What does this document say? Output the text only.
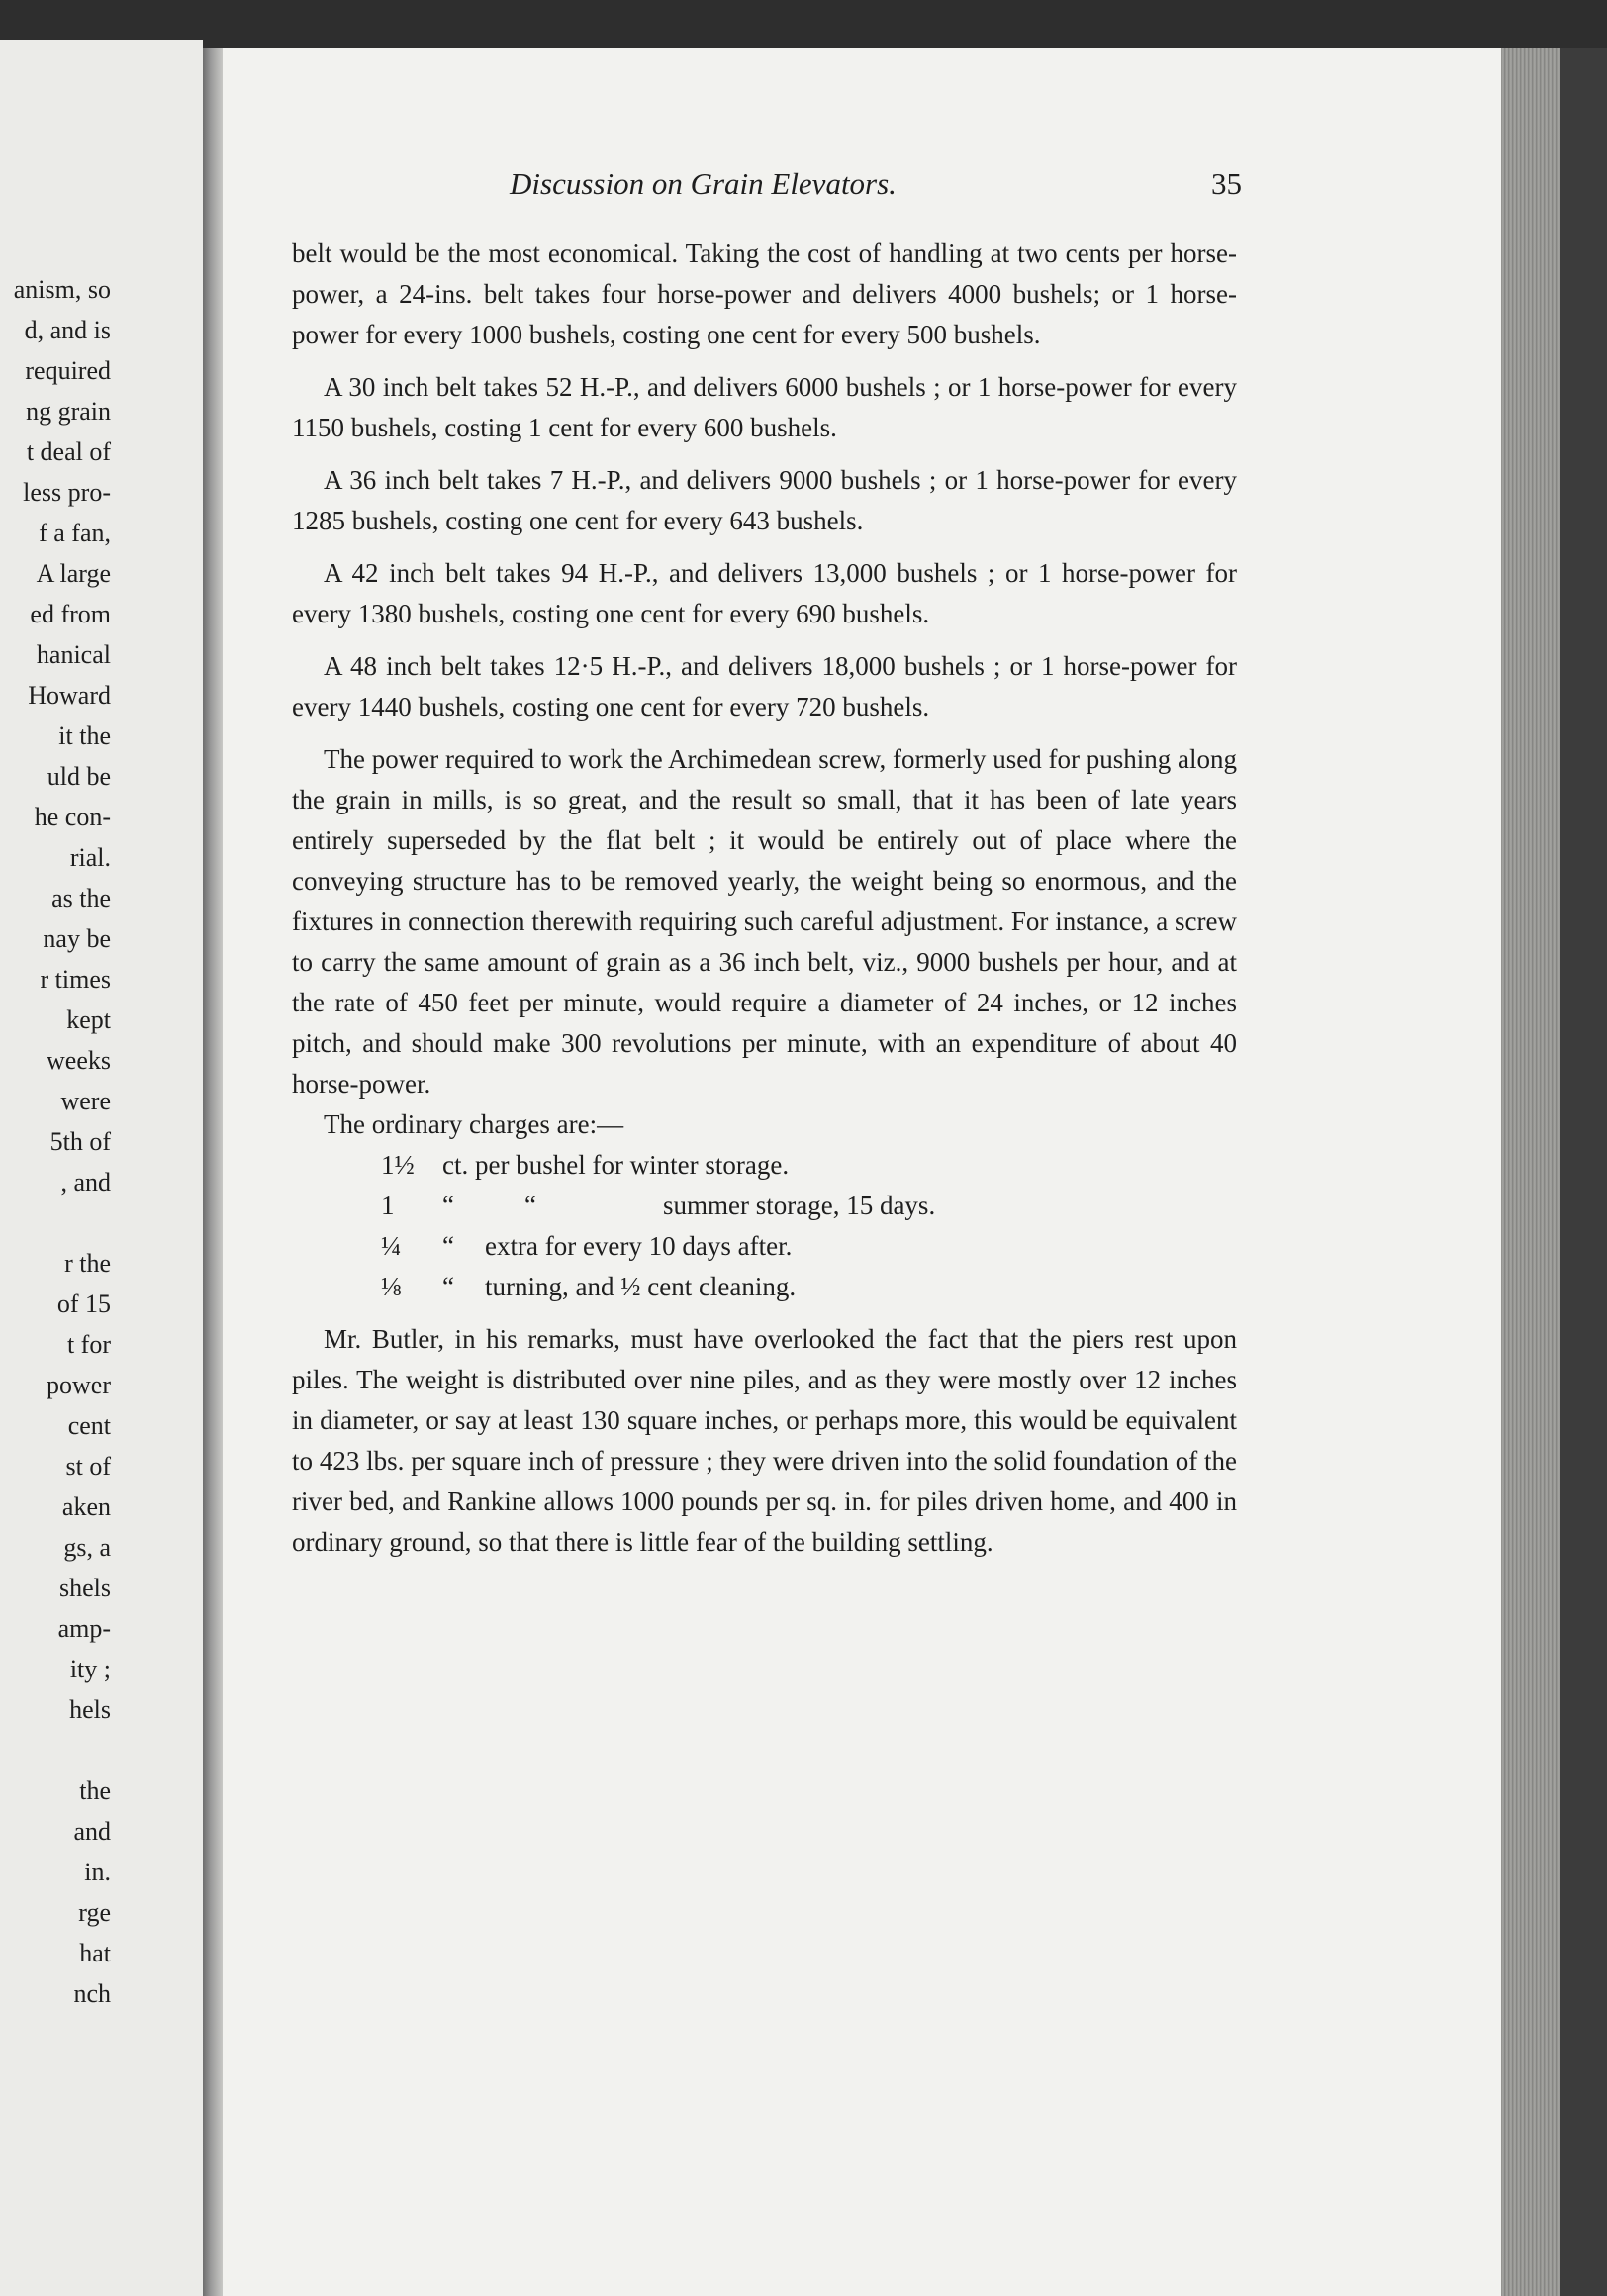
anism, so
d, and is
required
ng grain
t deal of
less pro-
f a fan,
A large
ed from
hanical
Howard
it the
uld be
he con-
rial.
as the
nay be
r times
kept
weeks
were
5th of
, and
r the
of 15
t for
power
cent
st of
aken
gs, a
shels
amp-
ity ;
hels
the
and
in.
rge
hat
nch
Discussion on Grain Elevators.	35

belt would be the most economical. Taking the cost of handling at two cents per horse-power, a 24-ins. belt takes four horse-power and delivers 4000 bushels; or 1 horse-power for every 1000 bushels, costing one cent for every 500 bushels.

A 30 inch belt takes 52 H.-P., and delivers 6000 bushels ; or 1 horse-power for every 1150 bushels, costing 1 cent for every 600 bushels.

A 36 inch belt takes 7 H.-P., and delivers 9000 bushels ; or 1 horse-power for every 1285 bushels, costing one cent for every 643 bushels.

A 42 inch belt takes 94 H.-P., and delivers 13,000 bushels ; or 1 horse-power for every 1380 bushels, costing one cent for every 690 bushels.

A 48 inch belt takes 12·5 H.-P., and delivers 18,000 bushels ; or 1 horse-power for every 1440 bushels, costing one cent for every 720 bushels.

The power required to work the Archimedean screw, formerly used for pushing along the grain in mills, is so great, and the result so small, that it has been of late years entirely superseded by the flat belt ; it would be entirely out of place where the conveying structure has to be removed yearly, the weight being so enormous, and the fixtures in connection therewith requiring such careful adjustment. For instance, a screw to carry the same amount of grain as a 36 inch belt, viz., 9000 bushels per hour, and at the rate of 450 feet per minute, would require a diameter of 24 inches, or 12 inches pitch, and should make 300 revolutions per minute, with an expenditure of about 40 horse-power.

The ordinary charges are:—

1½ ct. per bushel for winter storage.
1 “	“	summer storage, 15 days.
¼ “ extra for every 10 days after.
⅛ “ turning, and ½ cent cleaning.

Mr. Butler, in his remarks, must have overlooked the fact that the piers rest upon piles. The weight is distributed over nine piles, and as they were mostly over 12 inches in diameter, or say at least 130 square inches, or perhaps more, this would be equivalent to 423 lbs. per square inch of pressure ; they were driven into the solid foundation of the river bed, and Rankine allows 1000 pounds per sq. in. for piles driven home, and 400 in ordinary ground, so that there is little fear of the building settling.
